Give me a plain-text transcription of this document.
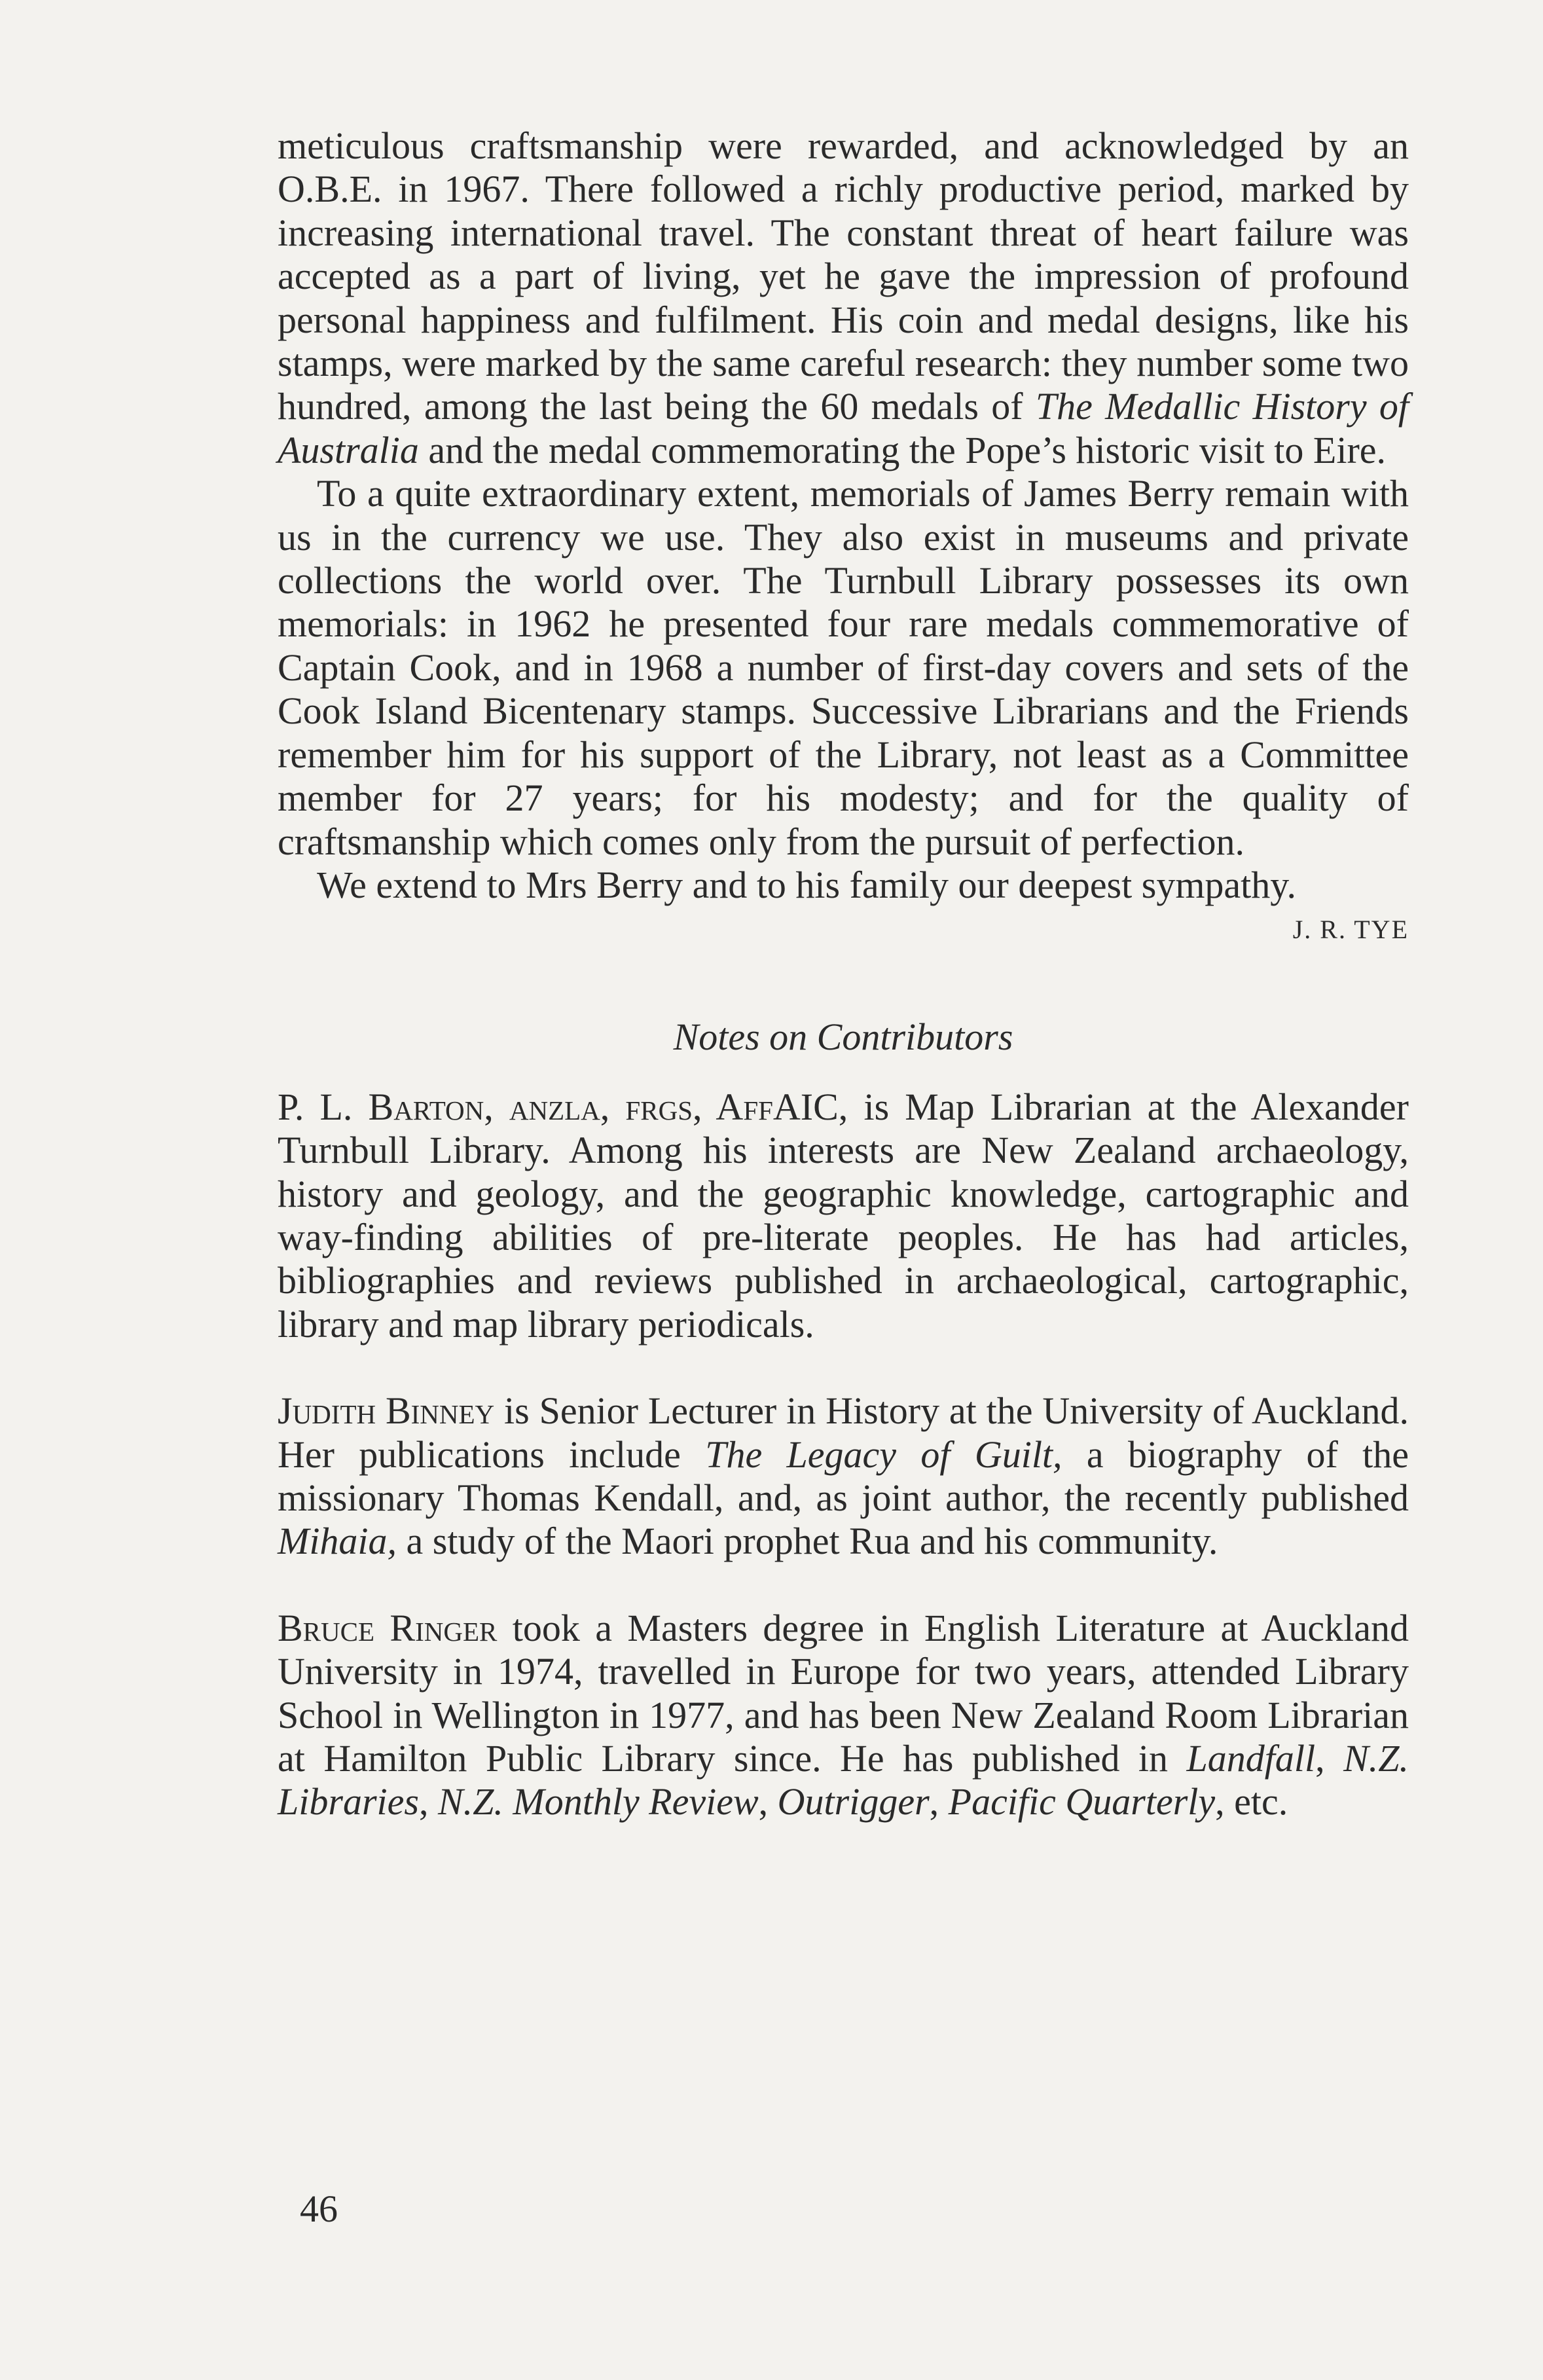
meticulous craftsmanship were rewarded, and acknowledged by an O.B.E. in 1967. There followed a richly productive period, marked by increasing international travel. The constant threat of heart failure was accepted as a part of living, yet he gave the impression of profound personal happiness and fulfilment. His coin and medal designs, like his stamps, were marked by the same careful research: they number some two hundred, among the last being the 60 medals of The Medallic History of Australia and the medal commemorating the Pope’s historic visit to Eire.

To a quite extraordinary extent, memorials of James Berry remain with us in the currency we use. They also exist in museums and private collections the world over. The Turnbull Library possesses its own memorials: in 1962 he presented four rare medals commemorative of Captain Cook, and in 1968 a number of first-day covers and sets of the Cook Island Bicentenary stamps. Successive Librarians and the Friends remember him for his support of the Library, not least as a Committee member for 27 years; for his modesty; and for the quality of craftsmanship which comes only from the pursuit of perfection.

We extend to Mrs Berry and to his family our deepest sympathy.

J. R. TYE
Notes on Contributors

P. L. Barton, anzla, frgs, AffAIC, is Map Librarian at the Alexander Turnbull Library. Among his interests are New Zealand archaeology, history and geology, and the geographic knowledge, cartographic and way-finding abilities of pre-literate peoples. He has had articles, bibliographies and reviews published in archaeological, cartographic, library and map library periodicals.

Judith Binney is Senior Lecturer in History at the University of Auckland. Her publications include The Legacy of Guilt, a biography of the missionary Thomas Kendall, and, as joint author, the recently published Mihaia, a study of the Maori prophet Rua and his community.

Bruce Ringer took a Masters degree in English Literature at Auckland University in 1974, travelled in Europe for two years, attended Library School in Wellington in 1977, and has been New Zealand Room Librarian at Hamilton Public Library since. He has published in Landfall, N.Z. Libraries, N.Z. Monthly Review, Outrigger, Pacific Quarterly, etc.

46
